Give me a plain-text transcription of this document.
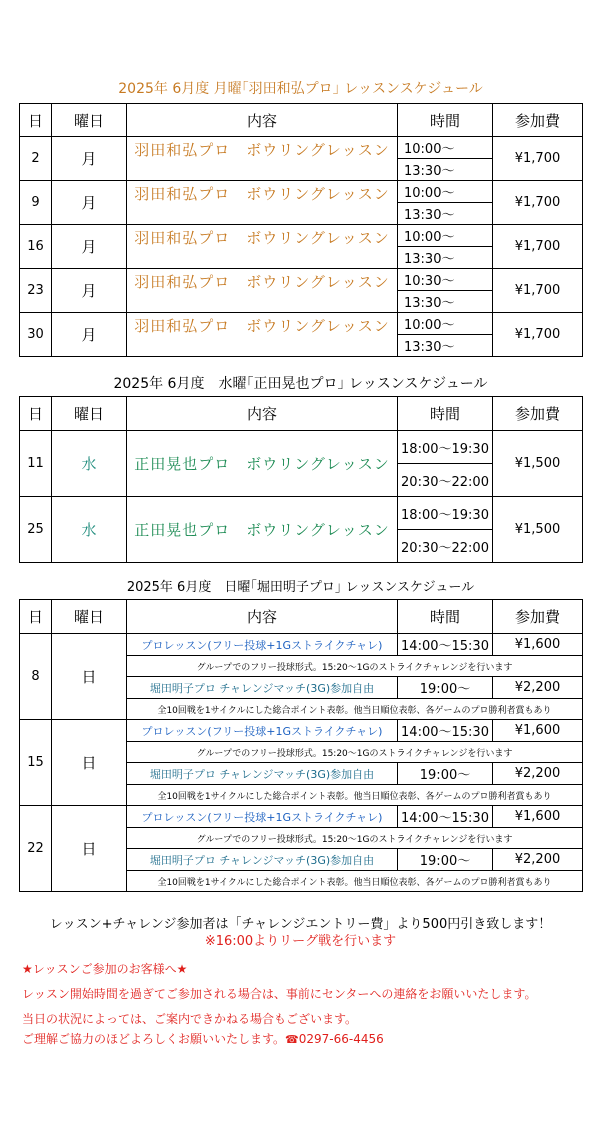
2025年 6月度 月曜｢羽田和弘プロ｣ レッスンスケジュール
日	曜日	内容	時間	参加費
2	月	羽田和弘プロ　ボウリングレッスン	10:00～	¥1,700
			13:30～	
9	月	羽田和弘プロ　ボウリングレッスン	10:00～	¥1,700
			13:30～	
16	月	羽田和弘プロ　ボウリングレッスン	10:00～	¥1,700
			13:30～	
23	月	羽田和弘プロ　ボウリングレッスン	10:30～	¥1,700
			13:30～	
30	月	羽田和弘プロ　ボウリングレッスン	10:00～	¥1,700
			13:30～	
2025年 6月度　水曜｢正田晃也プロ｣ レッスンスケジュール
日	曜日	内容	時間	参加費
11	水	正田晃也プロ　ボウリングレッスン	18:00～19:30	¥1,500
			20:30～22:00	
25	水	正田晃也プロ　ボウリングレッスン	18:00～19:30	¥1,500
			20:30～22:00	
2025年 6月度　日曜｢堀田明子プロ｣ レッスンスケジュール
日	曜日	内容	時間	参加費
8	日	プロレッスン(フリー投球+1Gストライクチャレ)	14:00～15:30	¥1,600
		グループでのフリー投球形式。15:20～1Gのストライクチャレンジを行います		
		堀田明子プロ チャレンジマッチ(3G)参加自由	19:00～	¥2,200
		全10回戦を1サイクルにした総合ポイント表彰。他当日順位表彰、各ゲームのプロ勝利者賞もあり		
15	日	プロレッスン(フリー投球+1Gストライクチャレ)	14:00～15:30	¥1,600
		グループでのフリー投球形式。15:20～1Gのストライクチャレンジを行います		
		堀田明子プロ チャレンジマッチ(3G)参加自由	19:00～	¥2,200
		全10回戦を1サイクルにした総合ポイント表彰。他当日順位表彰、各ゲームのプロ勝利者賞もあり		
22	日	プロレッスン(フリー投球+1Gストライクチャレ)	14:00～15:30	¥1,600
		グループでのフリー投球形式。15:20～1Gのストライクチャレンジを行います		
		堀田明子プロ チャレンジマッチ(3G)参加自由	19:00～	¥2,200
		全10回戦を1サイクルにした総合ポイント表彰。他当日順位表彰、各ゲームのプロ勝利者賞もあり		
レッスン+チャレンジ参加者は「チャレンジエントリー費」より500円引き致します！
※16:00よりリーグ戦を行います
★レッスンご参加のお客様へ★
レッスン開始時間を過ぎてご参加される場合は、事前にセンターへの連絡をお願いいたします。
当日の状況によっては、ご案内できかねる場合もございます。
ご理解ご協力のほどよろしくお願いいたします。☎0297-66-4456
